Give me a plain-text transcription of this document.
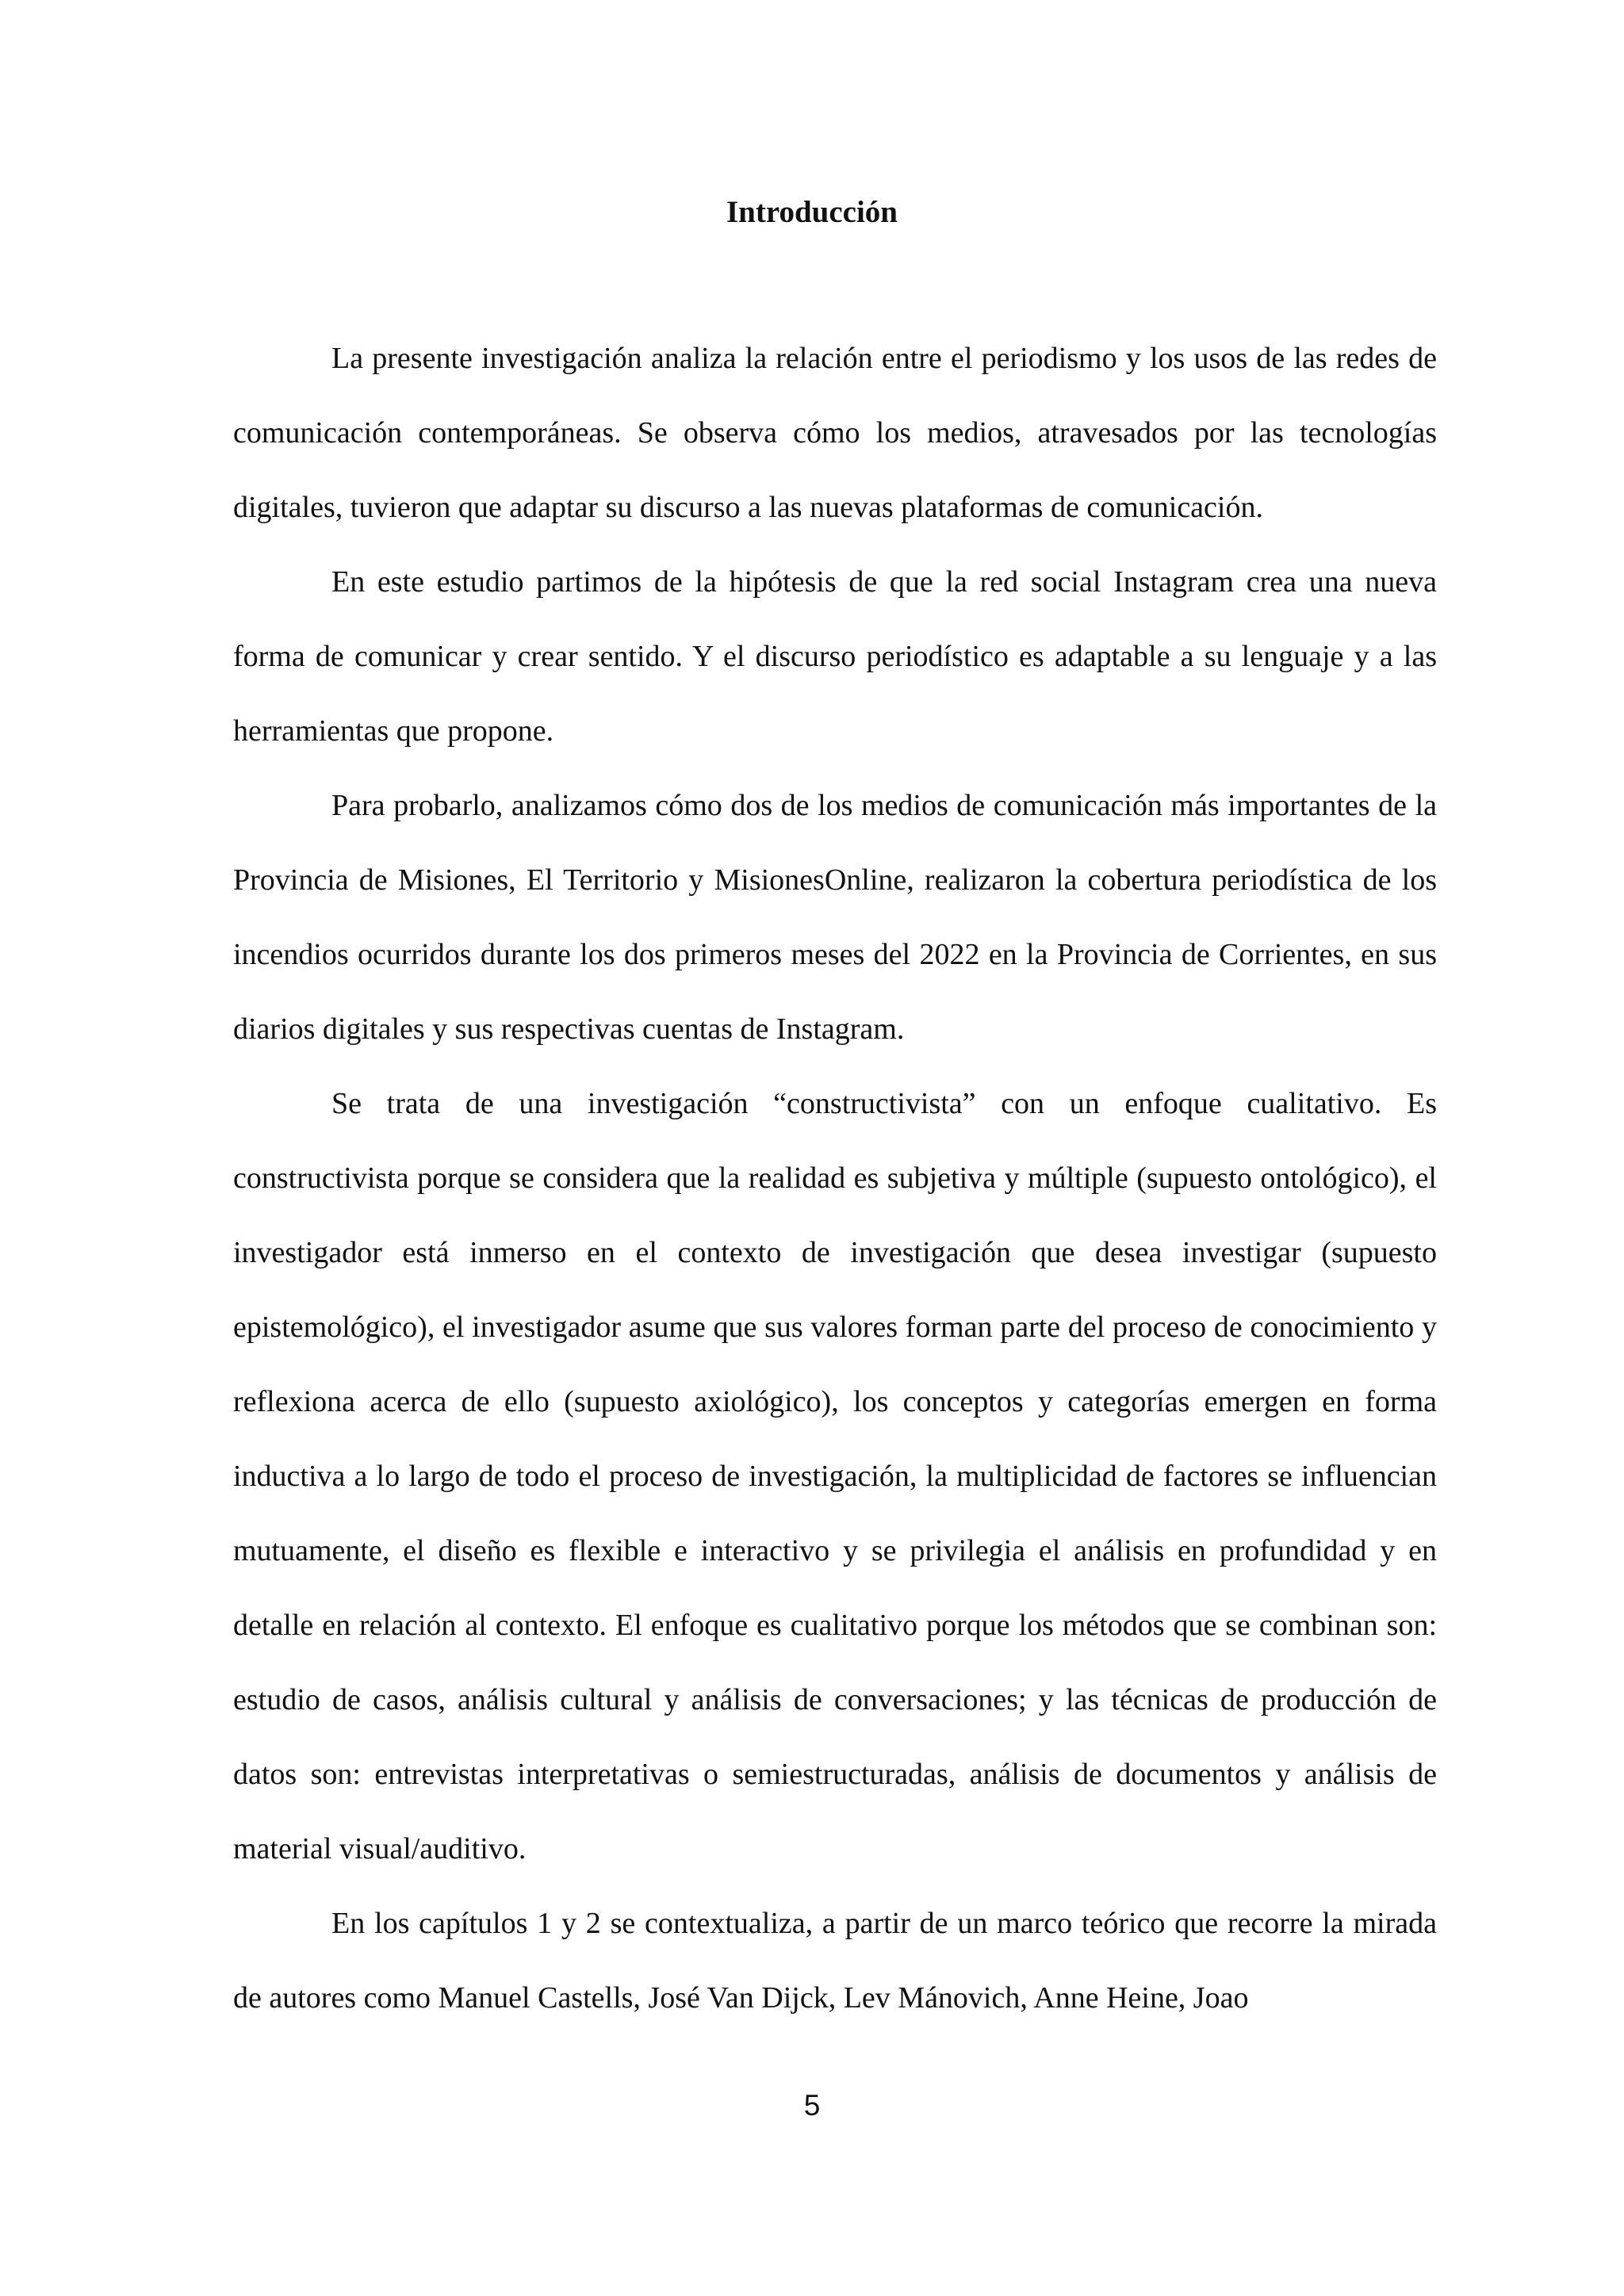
Introducción

La presente investigación analiza la relación entre el periodismo y los usos de las redes de comunicación contemporáneas. Se observa cómo los medios, atravesados por las tecnologías digitales, tuvieron que adaptar su discurso a las nuevas plataformas de comunicación.

En este estudio partimos de la hipótesis de que la red social Instagram crea una nueva forma de comunicar y crear sentido. Y el discurso periodístico es adaptable a su lenguaje y a las herramientas que propone.

Para probarlo, analizamos cómo dos de los medios de comunicación más importantes de la Provincia de Misiones, El Territorio y MisionesOnline, realizaron la cobertura periodística de los incendios ocurridos durante los dos primeros meses del 2022 en la Provincia de Corrientes, en sus diarios digitales y sus respectivas cuentas de Instagram.

Se trata de una investigación “constructivista” con un enfoque cualitativo. Es constructivista porque se considera que la realidad es subjetiva y múltiple (supuesto ontológico), el investigador está inmerso en el contexto de investigación que desea investigar (supuesto epistemológico), el investigador asume que sus valores forman parte del proceso de conocimiento y reflexiona acerca de ello (supuesto axiológico), los conceptos y categorías emergen en forma inductiva a lo largo de todo el proceso de investigación, la multiplicidad de factores se influencian mutuamente, el diseño es flexible e interactivo y se privilegia el análisis en profundidad y en detalle en relación al contexto. El enfoque es cualitativo porque los métodos que se combinan son: estudio de casos, análisis cultural y análisis de conversaciones; y las técnicas de producción de datos son: entrevistas interpretativas o semiestructuradas, análisis de documentos y análisis de material visual/auditivo.

En los capítulos 1 y 2 se contextualiza, a partir de un marco teórico que recorre la mirada de autores como Manuel Castells, José Van Dijck, Lev Mánovich, Anne Heine, Joao

5
